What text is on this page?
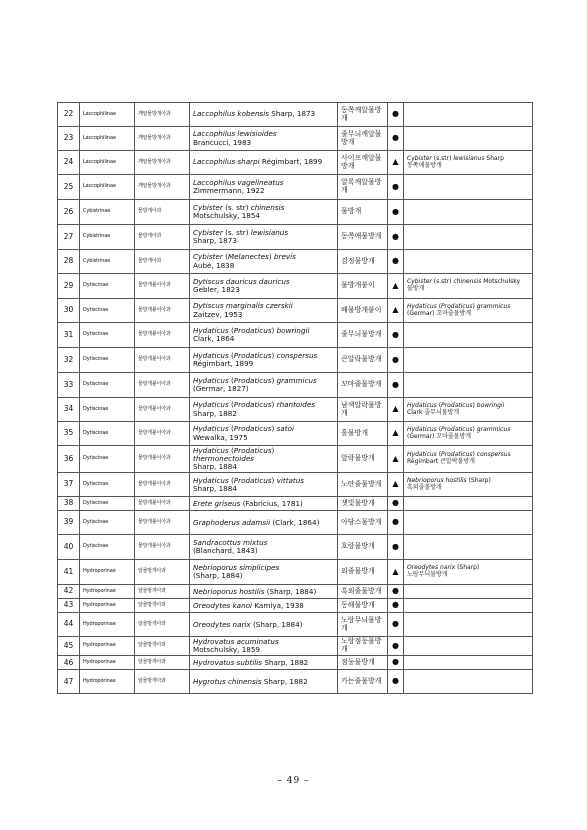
22	Laccophilinae	깨알물방개아과	Laccophilus kobensis Sharp, 1873	동쪽깨알물방개	●	
23	Laccophilinae	깨알물방개아과	Laccophilus lewisioides
Brancucci, 1983	줄무늬깨알물방개	●	
24	Laccophilinae	깨알물방개아과	Laccophilus sharpi Régimbart, 1899	사이프깨알물방개	▲	Cybister (s.str) lewisianus Sharp
동쪽애물방개
25	Laccophilinae	깨알물방개아과	Laccophilus vagelineatus
Zimmermann, 1922	알록깨알물방개	●	
26	Cybistrinae	물방개아과	Cybister (s. str) chinensis
Motschulsky, 1854	물방개	●	
27	Cybistrinae	물방개아과	Cybister (s. str) lewisianus
Sharp, 1873	동쪽애물방개	●	
28	Cybistrinae	물방개아과	Cybister (Melanectes) brevis
Aubé, 1838	검정물방개	●	
29	Dytiscinae	물방개붙이아과	Dytiscus dauricus dauricus
Gebler, 1823	물방개붙이	▲	Cybister (s.str) chinensis Motschulsky
물방개
30	Dytiscinae	물방개붙이아과	Dytiscus marginalis czerskii
Zaitzev, 1953	배물방개붙이	▲	Hydaticus (Prodaticus) grammicus
(Germar) 꼬마줄물방개
31	Dytiscinae	물방개붙이아과	Hydaticus (Prodaticus) bowringii
Clark, 1864	줄무늬물방개	●	
32	Dytiscinae	물방개붙이아과	Hydaticus (Prodaticus) conspersus
Régimbart, 1899	큰알락물방개	●	
33	Dytiscinae	물방개붙이아과	Hydaticus (Prodaticus) grammicus
(Germar, 1827)	꼬마줄물방개	●	
34	Dytiscinae	물방개붙이아과	Hydaticus (Prodaticus) rhantoides
Sharp, 1882	남색알락물방개	▲	Hydaticus (Prodaticus) bowringii
Clark 줄무늬물방개
35	Dytiscinae	물방개붙이아과	Hydaticus (Prodaticus) satoi
Wewalka, 1975	흘물방개	▲	Hydaticus (Prodaticus) grammicus
(Germar) 꼬마줄물방개
36	Dytiscinae	물방개붙이아과	Hydaticus (Prodaticus) thermonectoides
Sharp, 1884	알락물방개	▲	Hydaticus (Prodaticus) conspersus
Régimbart 큰알락물방개
37	Dytiscinae	물방개붙이아과	Hydaticus (Prodaticus) vittatus
Sharp, 1884	노란줄물방개	▲	Nebrioporus hostilis (Sharp)
흑외줄물방개
38	Dytiscinae	물방개붙이아과	Erete griseus (Fabricius, 1781)	잿빛물방개	●	
39	Dytiscinae	물방개붙이아과	Graphoderus adamsii (Clark, 1864)	아담스물방개	●	
40	Dytiscinae	물방개붙이아과	Sandracottus mixtus
(Blanchard, 1843)	호랑물방개	●	
41	Hydroporinae	알물방개아과	Nebrioporus simplicipes
(Sharp, 1884)	외줄물방개	▲	Oreodytes narix (Sharp)
노랑무늬물방개
42	Hydroporinae	알물방개아과	Nebrioporus hostilis (Sharp, 1884)	흑외줄물방개	●	
43	Hydroporinae	알물방개아과	Oreodytes kanoi Kamiya, 1938	동해물방개	●	
44	Hydroporinae	알물방개아과	Oreodytes narix (Sharp, 1884)	노랑무늬물방개	●	
45	Hydroporinae	알물방개아과	Hydrovatus acuminatus
Motschulsky, 1859	노랑점둥물방개	●	
46	Hydroporinae	알물방개아과	Hydrovatus subtilis Sharp, 1882	점둥물방개	●	
47	Hydroporinae	알물방개아과	Hygrotus chinensis Sharp, 1882	가는줄물방개	●	
– 49 –
